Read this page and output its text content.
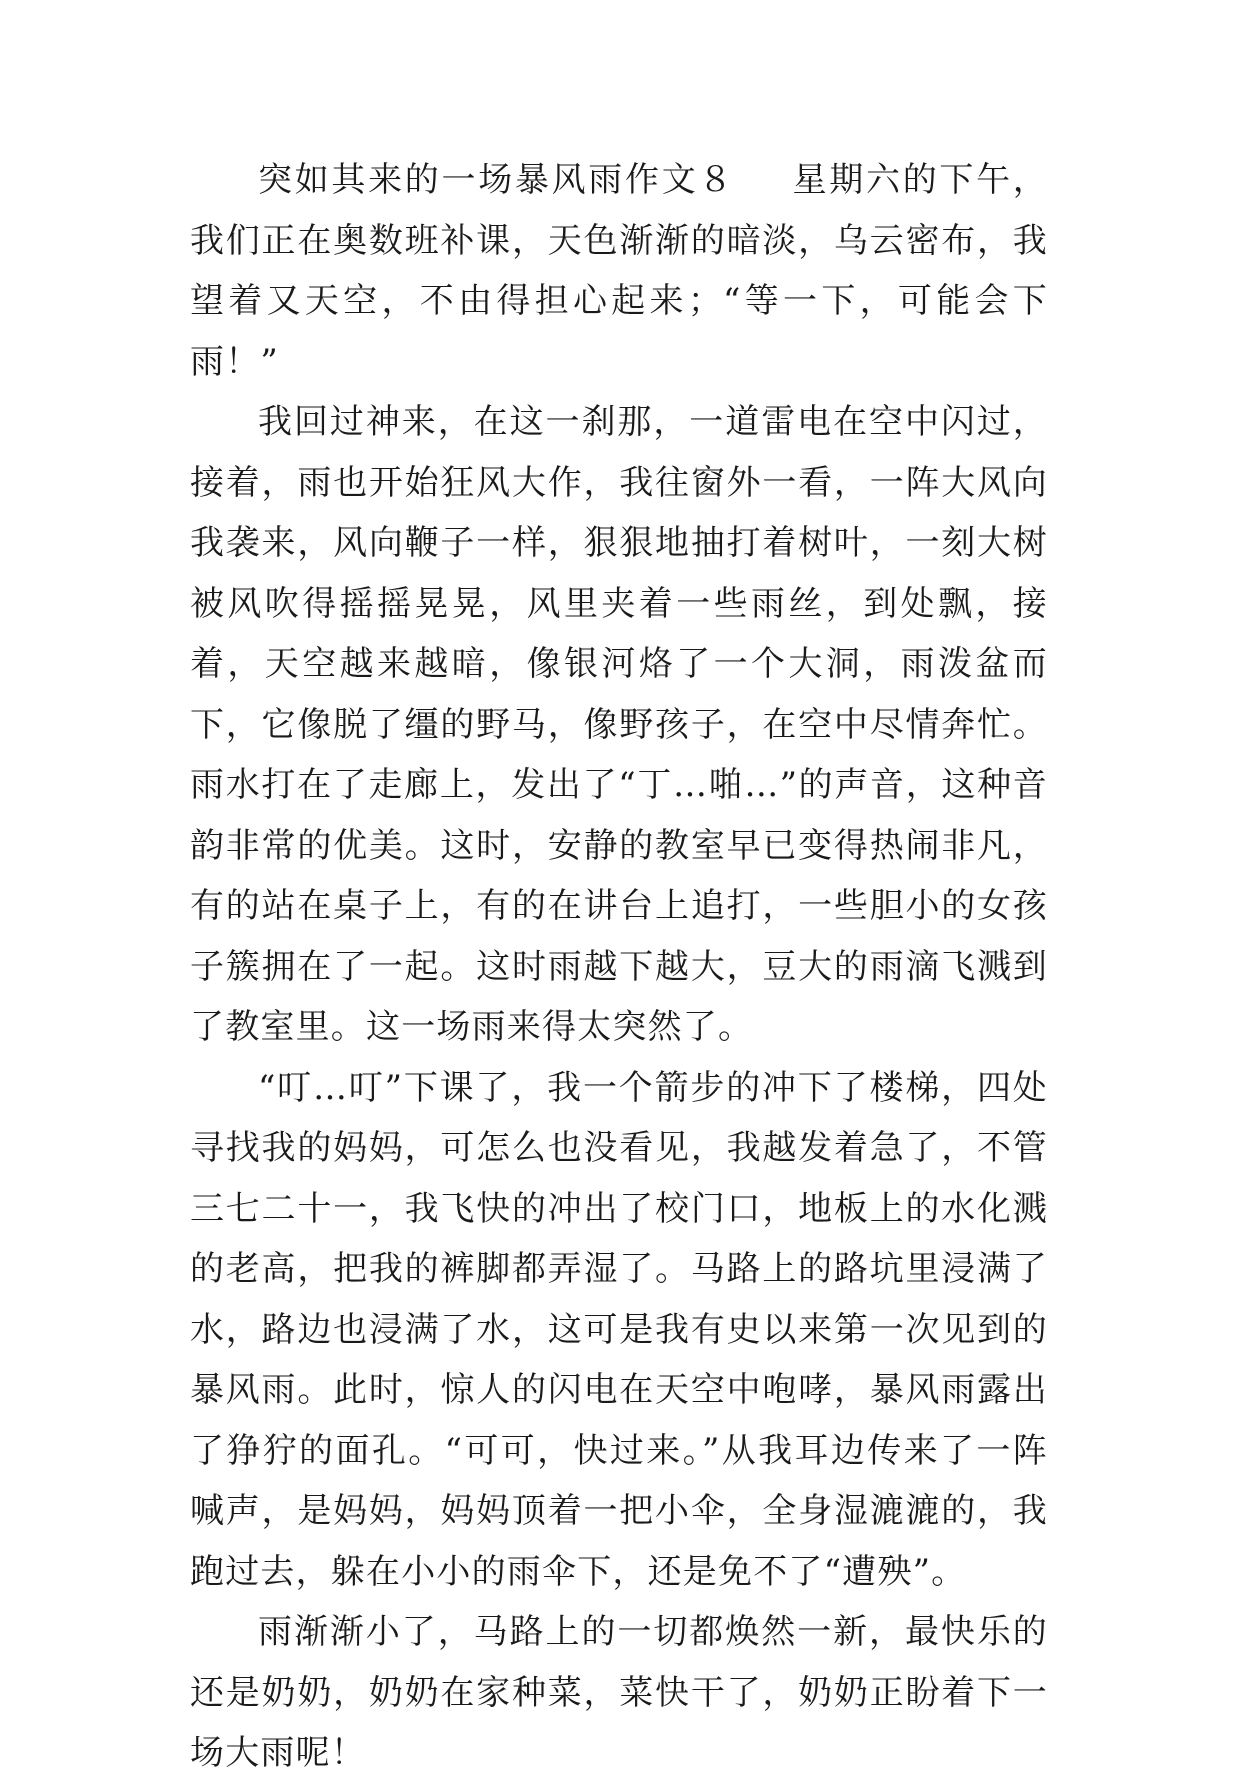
突如其来的一场暴风雨作文８ 星期六的下午，我们正在奥数班补课，天色渐渐的暗淡，乌云密布，我望着又天空，不由得担心起来；“等一下，可能会下雨！”

我回过神来，在这一刹那，一道雷电在空中闪过，接着，雨也开始狂风大作，我往窗外一看，一阵大风向我袭来，风向鞭子一样，狠狠地抽打着树叶，一刻大树被风吹得摇摇晃晃，风里夹着一些雨丝，到处飘，接着，天空越来越暗，像银河烙了一个大洞，雨泼盆而下，它像脱了缰的野马，像野孩子，在空中尽情奔忙。雨水打在了走廊上，发出了“丁…啪…”的声音，这种音韵非常的优美。这时，安静的教室早已变得热闹非凡，有的站在桌子上，有的在讲台上追打，一些胆小的女孩子簇拥在了一起。这时雨越下越大，豆大的雨滴飞溅到了教室里。这一场雨来得太突然了。

“叮…叮”下课了，我一个箭步的冲下了楼梯，四处寻找我的妈妈，可怎么也没看见，我越发着急了，不管三七二十一，我飞快的冲出了校门口，地板上的水化溅的老高，把我的裤脚都弄湿了。马路上的路坑里浸满了水，路边也浸满了水，这可是我有史以来第一次见到的暴风雨。此时，惊人的闪电在天空中咆哮，暴风雨露出了狰狞的面孔。“可可，快过来。”从我耳边传来了一阵喊声，是妈妈，妈妈顶着一把小伞，全身湿漉漉的，我跑过去，躲在小小的雨伞下，还是免不了“遭殃”。

雨渐渐小了，马路上的一切都焕然一新，最快乐的还是奶奶，奶奶在家种菜，菜快干了，奶奶正盼着下一场大雨呢！
